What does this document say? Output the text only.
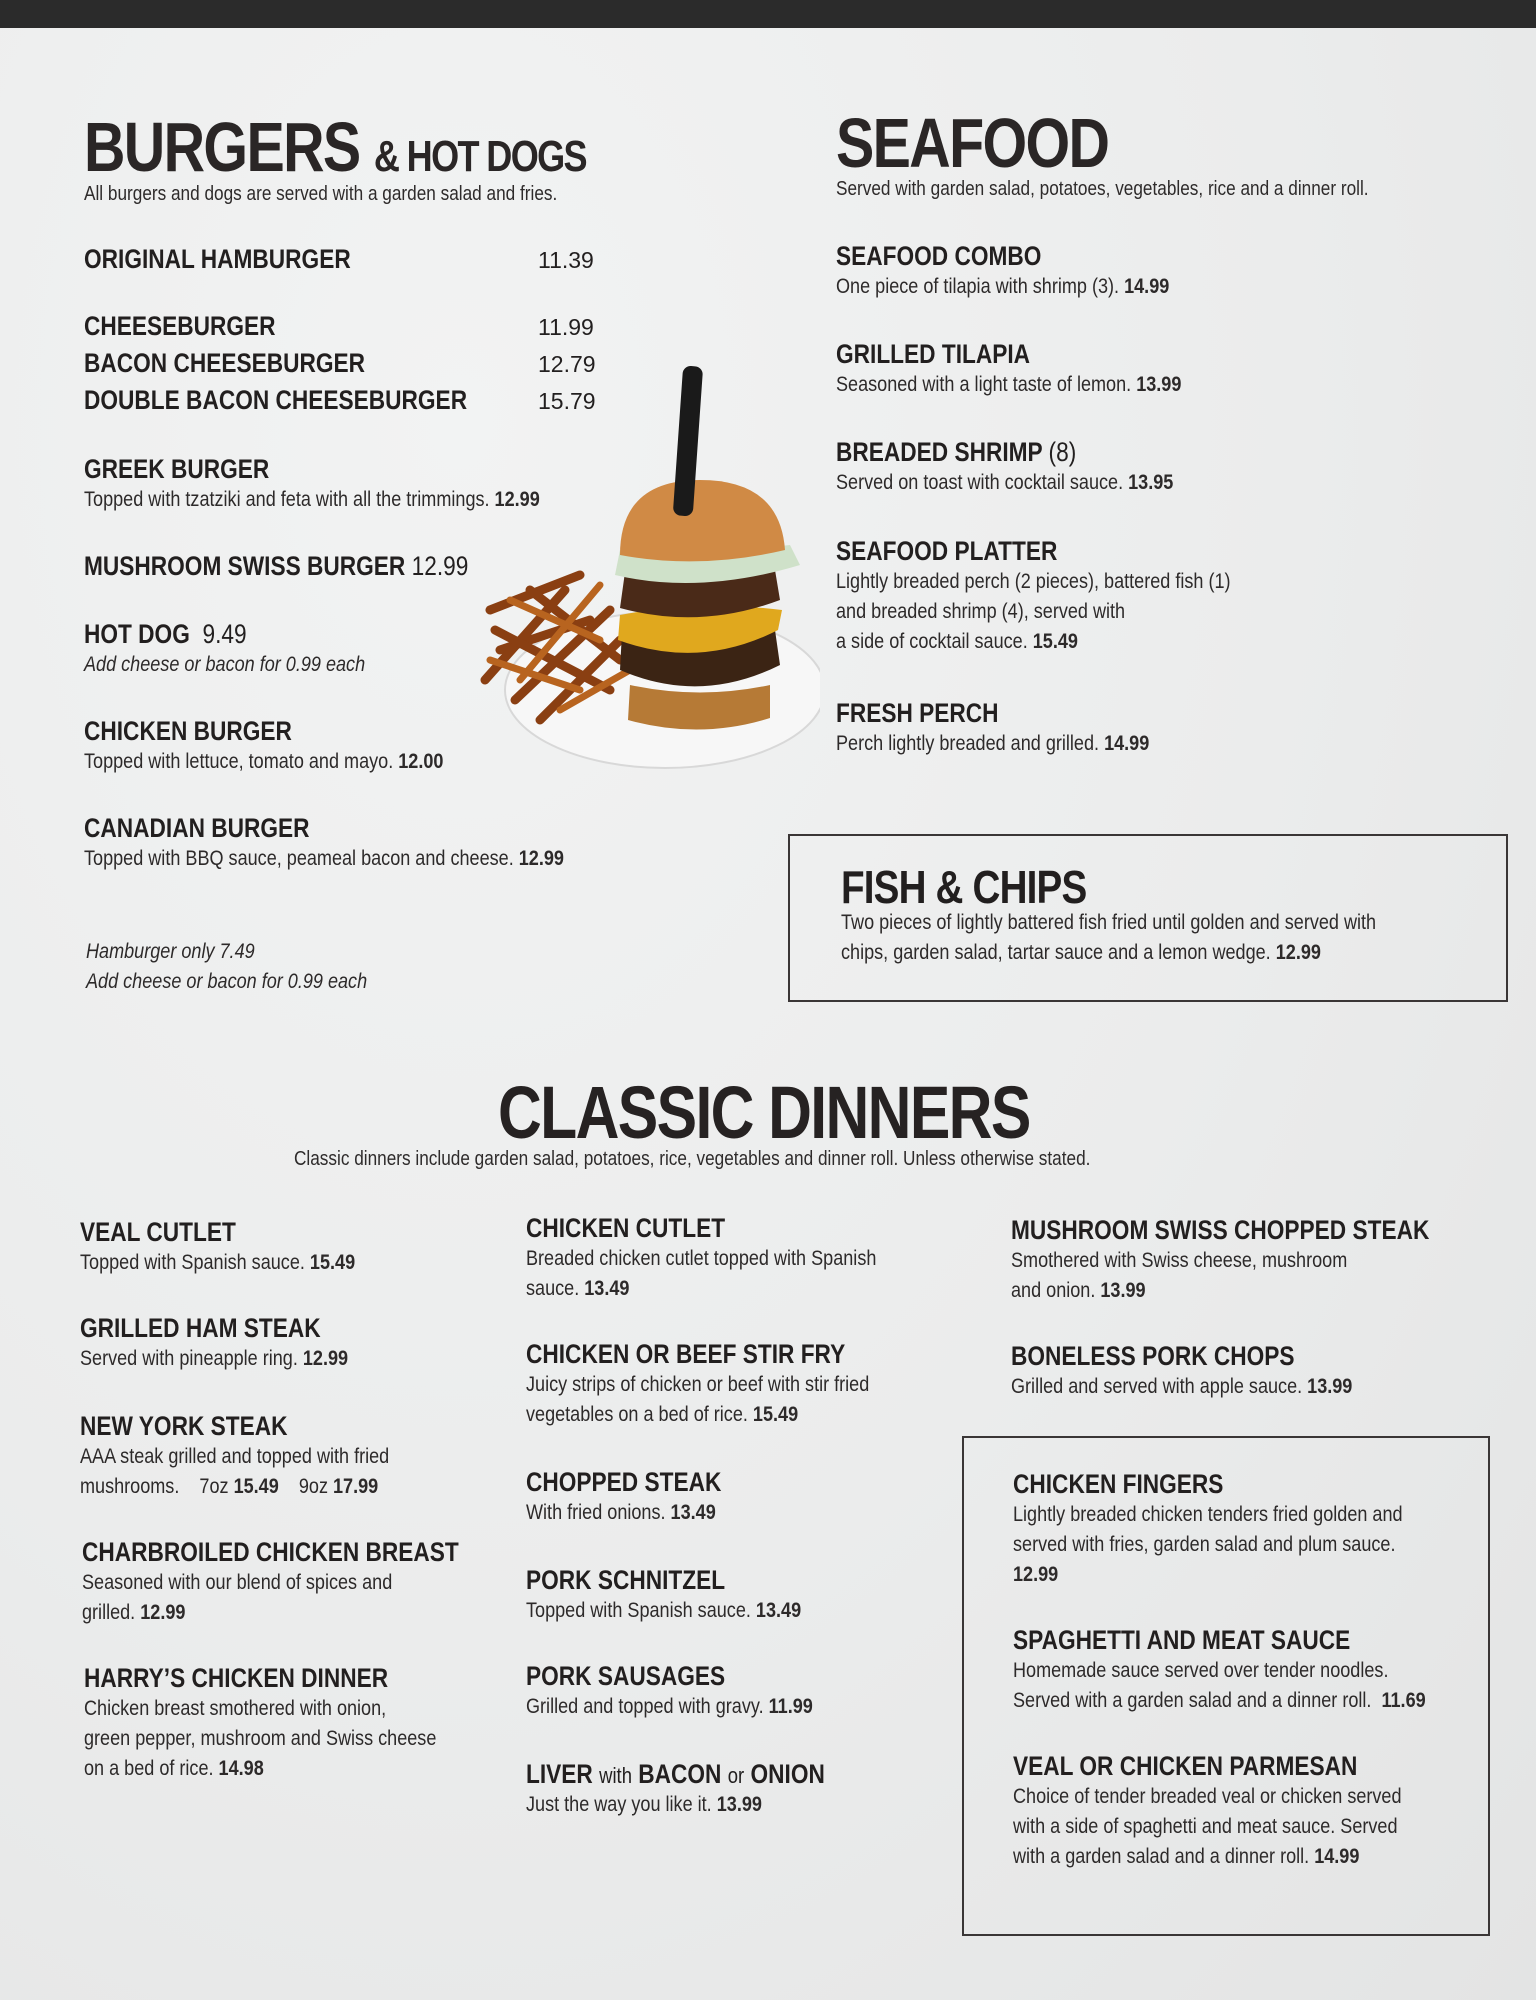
BURGERS & HOT DOGS
All burgers and dogs are served with a garden salad and fries.
ORIGINAL HAMBURGER	11.39
CHEESEBURGER	11.99
BACON CHEESEBURGER	12.79
DOUBLE BACON CHEESEBURGER	15.79
GREEK BURGER
Topped with tzatziki and feta with all the trimmings. 12.99
MUSHROOM SWISS BURGER 12.99
HOT DOG 9.49
Add cheese or bacon for 0.99 each
CHICKEN BURGER
Topped with lettuce, tomato and mayo. 12.00
CANADIAN BURGER
Topped with BBQ sauce, peameal bacon and cheese. 12.99
Hamburger only 7.49
Add cheese or bacon for 0.99 each
SEAFOOD
Served with garden salad, potatoes, vegetables, rice and a dinner roll.
SEAFOOD COMBO
One piece of tilapia with shrimp (3). 14.99
GRILLED TILAPIA
Seasoned with a light taste of lemon. 13.99
BREADED SHRIMP (8)
Served on toast with cocktail sauce. 13.95
SEAFOOD PLATTER
Lightly breaded perch (2 pieces), battered fish (1)
and breaded shrimp (4), served with
a side of cocktail sauce. 15.49
FRESH PERCH
Perch lightly breaded and grilled. 14.99
FISH & CHIPS
Two pieces of lightly battered fish fried until golden and served with
chips, garden salad, tartar sauce and a lemon wedge. 12.99
CLASSIC DINNERS
Classic dinners include garden salad, potatoes, rice, vegetables and dinner roll. Unless otherwise stated.
VEAL CUTLET
Topped with Spanish sauce. 15.49
GRILLED HAM STEAK
Served with pineapple ring. 12.99
NEW YORK STEAK
AAA steak grilled and topped with fried
mushrooms. 7oz 15.49 9oz 17.99
CHARBROILED CHICKEN BREAST
Seasoned with our blend of spices and
grilled. 12.99
HARRY’S CHICKEN DINNER
Chicken breast smothered with onion,
green pepper, mushroom and Swiss cheese
on a bed of rice. 14.98
CHICKEN CUTLET
Breaded chicken cutlet topped with Spanish
sauce. 13.49
CHICKEN OR BEEF STIR FRY
Juicy strips of chicken or beef with stir fried
vegetables on a bed of rice. 15.49
CHOPPED STEAK
With fried onions. 13.49
PORK SCHNITZEL
Topped with Spanish sauce. 13.49
PORK SAUSAGES
Grilled and topped with gravy. 11.99
LIVER with BACON or ONION
Just the way you like it. 13.99
MUSHROOM SWISS CHOPPED STEAK
Smothered with Swiss cheese, mushroom
and onion. 13.99
BONELESS PORK CHOPS
Grilled and served with apple sauce. 13.99
CHICKEN FINGERS
Lightly breaded chicken tenders fried golden and
served with fries, garden salad and plum sauce.
12.99
SPAGHETTI AND MEAT SAUCE
Homemade sauce served over tender noodles.
Served with a garden salad and a dinner roll. 11.69
VEAL OR CHICKEN PARMESAN
Choice of tender breaded veal or chicken served
with a side of spaghetti and meat sauce. Served
with a garden salad and a dinner roll. 14.99
